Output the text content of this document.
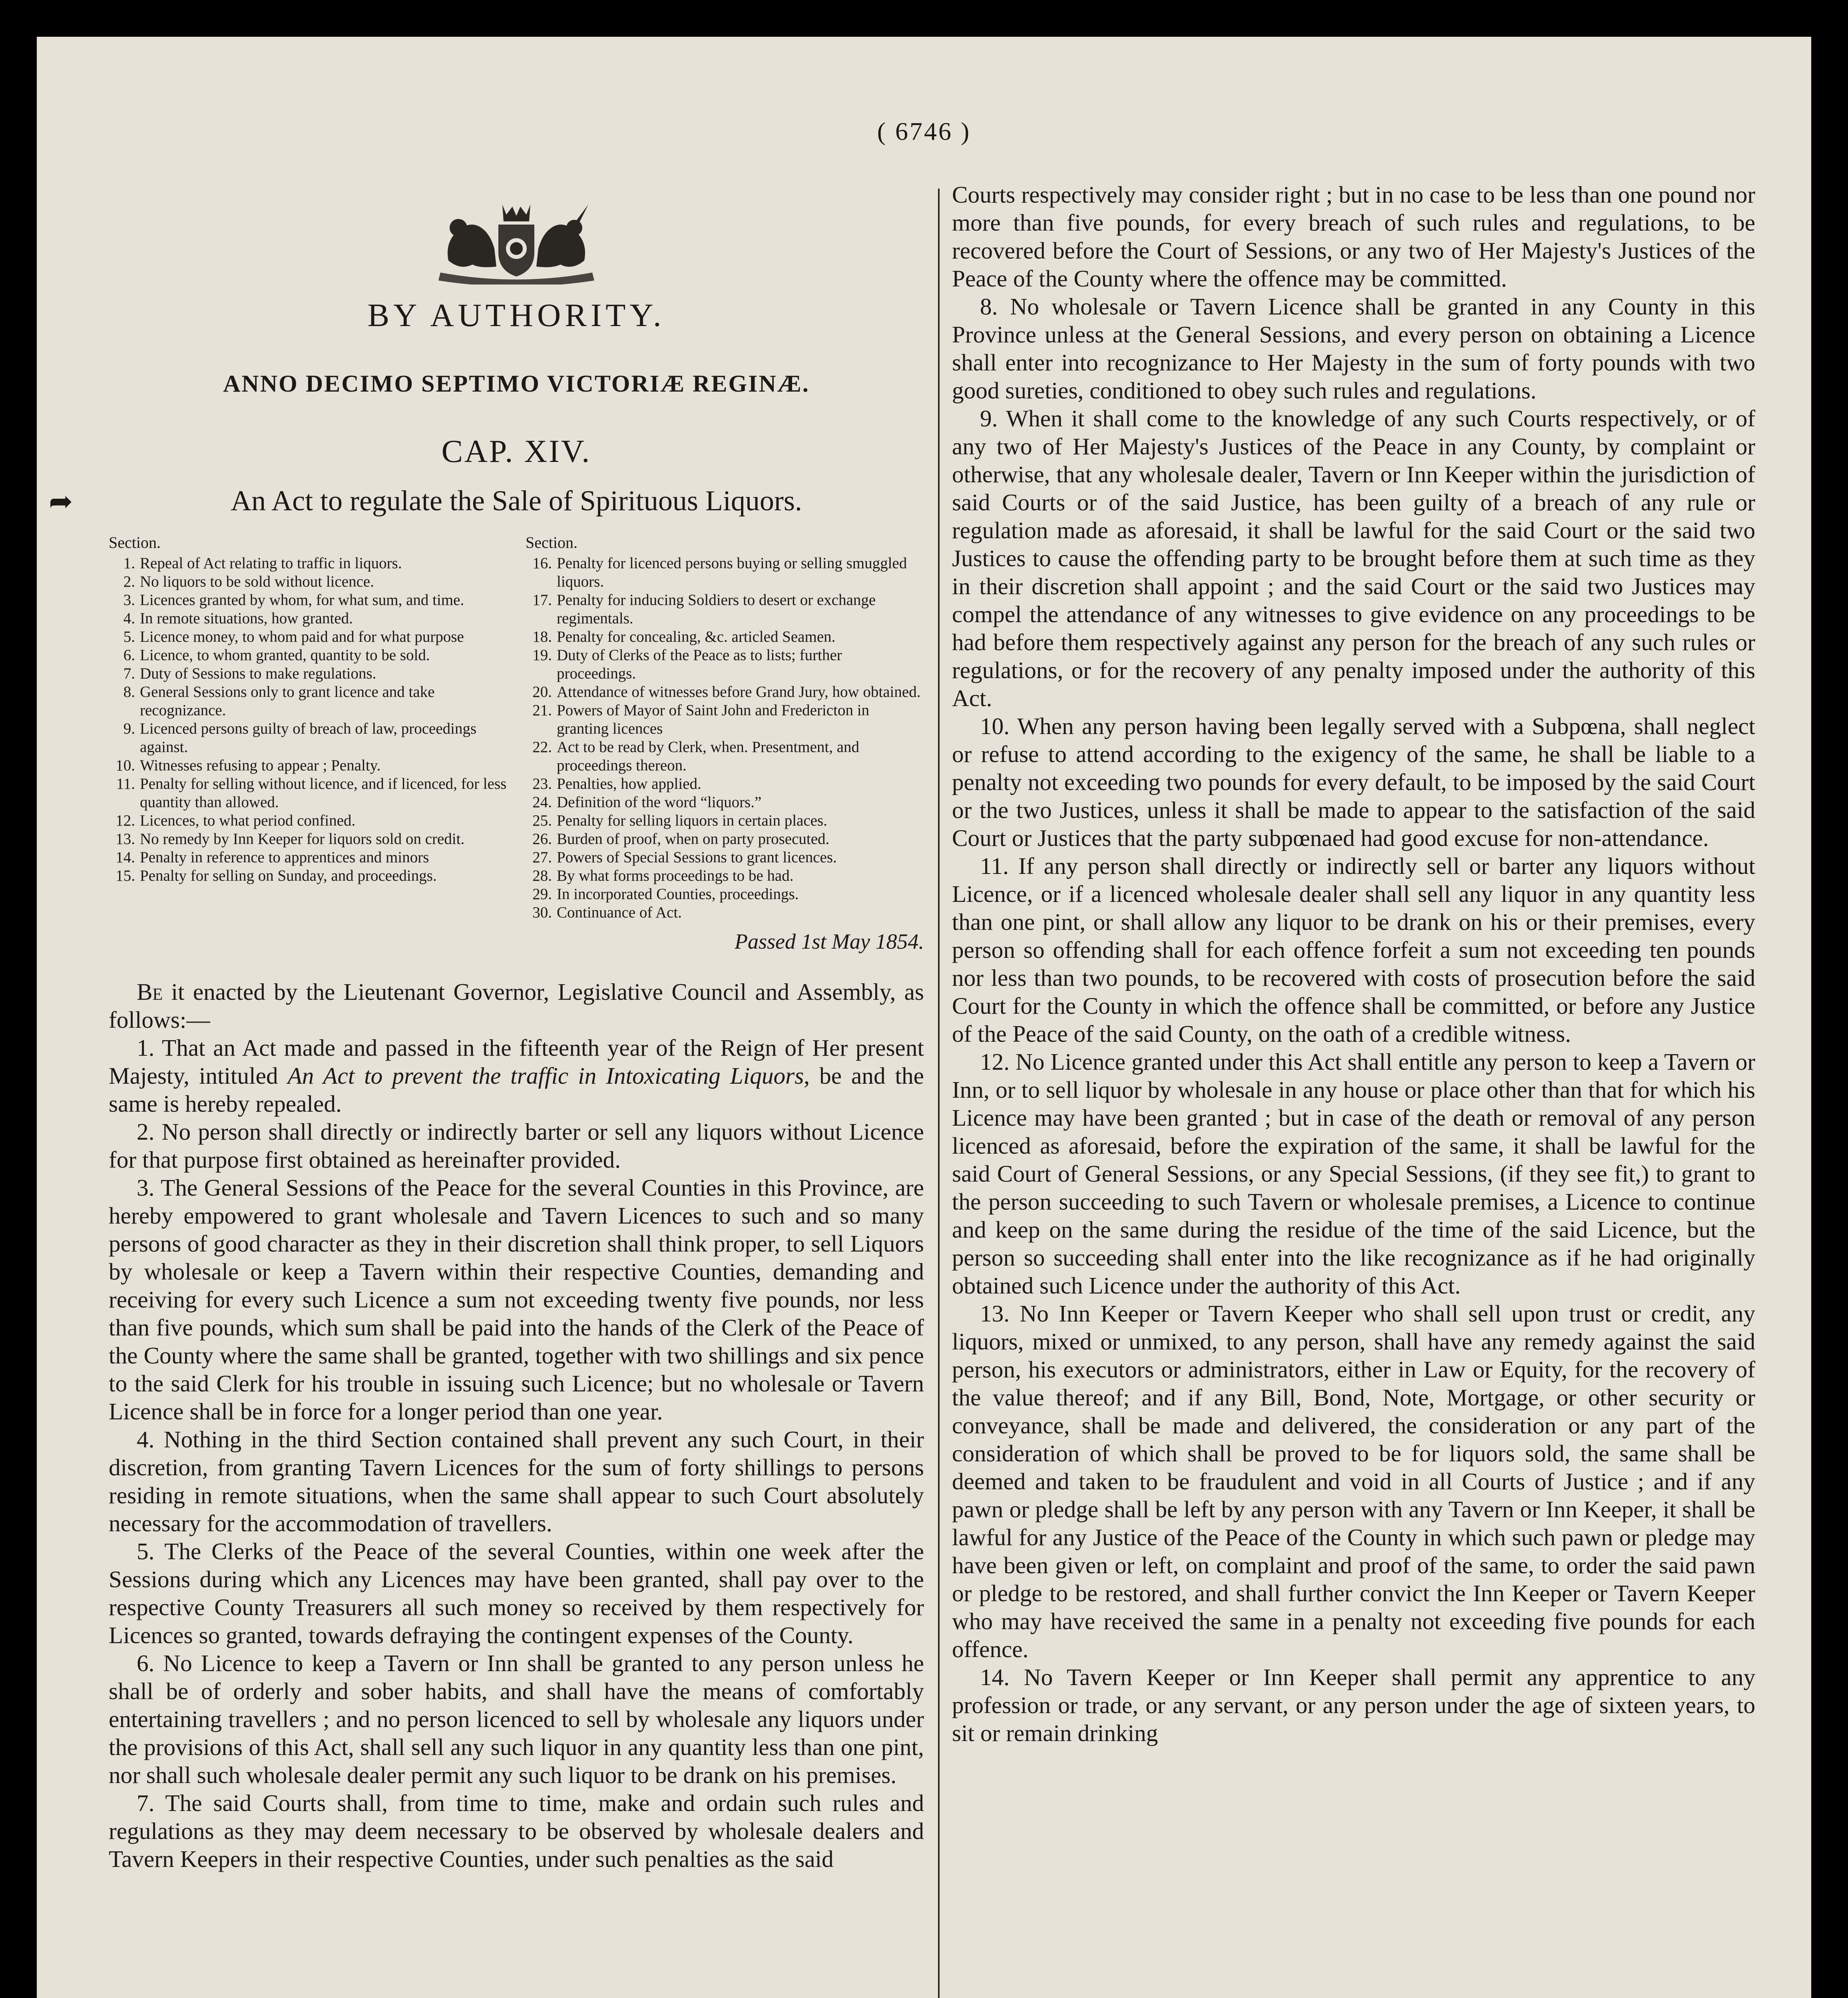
( 6746 )
BY AUTHORITY.
ANNO DECIMO SEPTIMO VICTORIÆ REGINÆ.
CAP. XIV.
➦	An Act to regulate the Sale of Spirituous Liquors.
Section.
1. Repeal of Act relating to traffic in liquors.
2. No liquors to be sold without licence.
3. Licences granted by whom, for what sum, and time.
4. In remote situations, how granted.
5. Licence money, to whom paid and for what purpose
6. Licence, to whom granted, quantity to be sold.
7. Duty of Sessions to make regulations.
8. General Sessions only to grant licence and take recognizance.
9. Licenced persons guilty of breach of law, proceedings against.
10. Witnesses refusing to appear ; Penalty.
11. Penalty for selling without licence, and if licenced, for less quantity than allowed.
12. Licences, to what period confined.
13. No remedy by Inn Keeper for liquors sold on credit.
14. Penalty in reference to apprentices and minors
15. Penalty for selling on Sunday, and proceedings.
Section.
16. Penalty for licenced persons buying or selling smuggled liquors.
17. Penalty for inducing Soldiers to desert or exchange regimentals.
18. Penalty for concealing, &c. articled Seamen.
19. Duty of Clerks of the Peace as to lists; further proceedings.
20. Attendance of witnesses before Grand Jury, how obtained.
21. Powers of Mayor of Saint John and Fredericton in granting licences
22. Act to be read by Clerk, when. Presentment, and proceedings thereon.
23. Penalties, how applied.
24. Definition of the word “liquors.”
25. Penalty for selling liquors in certain places.
26. Burden of proof, when on party prosecuted.
27. Powers of Special Sessions to grant licences.
28. By what forms proceedings to be had.
29. In incorporated Counties, proceedings.
30. Continuance of Act.
Passed 1st May 1854.

Be it enacted by the Lieutenant Governor, Legislative Council and Assembly, as follows:—

1. That an Act made and passed in the fifteenth year of the Reign of Her present Majesty, intituled An Act to prevent the traffic in Intoxicating Liquors, be and the same is hereby repealed.

2. No person shall directly or indirectly barter or sell any liquors without Licence for that purpose first obtained as hereinafter provided.

3. The General Sessions of the Peace for the several Counties in this Province, are hereby empowered to grant wholesale and Tavern Licences to such and so many persons of good character as they in their discretion shall think proper, to sell Liquors by wholesale or keep a Tavern within their respective Counties, demanding and receiving for every such Licence a sum not exceeding twenty five pounds, nor less than five pounds, which sum shall be paid into the hands of the Clerk of the Peace of the County where the same shall be granted, together with two shillings and six pence to the said Clerk for his trouble in issuing such Licence; but no wholesale or Tavern Licence shall be in force for a longer period than one year.

4. Nothing in the third Section contained shall prevent any such Court, in their discretion, from granting Tavern Licences for the sum of forty shillings to persons residing in remote situations, when the same shall appear to such Court absolutely necessary for the accommodation of travellers.

5. The Clerks of the Peace of the several Counties, within one week after the Sessions during which any Licences may have been granted, shall pay over to the respective County Treasurers all such money so received by them respectively for Licences so granted, towards defraying the contingent expenses of the County.

6. No Licence to keep a Tavern or Inn shall be granted to any person unless he shall be of orderly and sober habits, and shall have the means of comfortably entertaining travellers ; and no person licenced to sell by wholesale any liquors under the provisions of this Act, shall sell any such liquor in any quantity less than one pint, nor shall such wholesale dealer permit any such liquor to be drank on his premises.

7. The said Courts shall, from time to time, make and ordain such rules and regulations as they may deem necessary to be observed by wholesale dealers and Tavern Keepers in their respective Counties, under such penalties as the said

Courts respectively may consider right ; but in no case to be less than one pound nor more than five pounds, for every breach of such rules and regulations, to be recovered before the Court of Sessions, or any two of Her Majesty's Justices of the Peace of the County where the offence may be committed.

8. No wholesale or Tavern Licence shall be granted in any County in this Province unless at the General Sessions, and every person on obtaining a Licence shall enter into recognizance to Her Majesty in the sum of forty pounds with two good sureties, conditioned to obey such rules and regulations.

9. When it shall come to the knowledge of any such Courts respectively, or of any two of Her Majesty's Justices of the Peace in any County, by complaint or otherwise, that any wholesale dealer, Tavern or Inn Keeper within the jurisdiction of said Courts or of the said Justice, has been guilty of a breach of any rule or regulation made as aforesaid, it shall be lawful for the said Court or the said two Justices to cause the offending party to be brought before them at such time as they in their discretion shall appoint ; and the said Court or the said two Justices may compel the attendance of any witnesses to give evidence on any proceedings to be had before them respectively against any person for the breach of any such rules or regulations, or for the recovery of any penalty imposed under the authority of this Act.

10. When any person having been legally served with a Subpœna, shall neglect or refuse to attend according to the exigency of the same, he shall be liable to a penalty not exceeding two pounds for every default, to be imposed by the said Court or the two Justices, unless it shall be made to appear to the satisfaction of the said Court or Justices that the party subpœnaed had good excuse for non-attendance.

11. If any person shall directly or indirectly sell or barter any liquors without Licence, or if a licenced wholesale dealer shall sell any liquor in any quantity less than one pint, or shall allow any liquor to be drank on his or their premises, every person so offending shall for each offence forfeit a sum not exceeding ten pounds nor less than two pounds, to be recovered with costs of prosecution before the said Court for the County in which the offence shall be committed, or before any Justice of the Peace of the said County, on the oath of a credible witness.

12. No Licence granted under this Act shall entitle any person to keep a Tavern or Inn, or to sell liquor by wholesale in any house or place other than that for which his Licence may have been granted ; but in case of the death or removal of any person licenced as aforesaid, before the expiration of the same, it shall be lawful for the said Court of General Sessions, or any Special Sessions, (if they see fit,) to grant to the person succeeding to such Tavern or wholesale premises, a Licence to continue and keep on the same during the residue of the time of the said Licence, but the person so succeeding shall enter into the like recognizance as if he had originally obtained such Licence under the authority of this Act.

13. No Inn Keeper or Tavern Keeper who shall sell upon trust or credit, any liquors, mixed or unmixed, to any person, shall have any remedy against the said person, his executors or administrators, either in Law or Equity, for the recovery of the value thereof; and if any Bill, Bond, Note, Mortgage, or other security or conveyance, shall be made and delivered, the consideration or any part of the consideration of which shall be proved to be for liquors sold, the same shall be deemed and taken to be fraudulent and void in all Courts of Justice ; and if any pawn or pledge shall be left by any person with any Tavern or Inn Keeper, it shall be lawful for any Justice of the Peace of the County in which such pawn or pledge may have been given or left, on complaint and proof of the same, to order the said pawn or pledge to be restored, and shall further convict the Inn Keeper or Tavern Keeper who may have received the same in a penalty not exceeding five pounds for each offence.

14. No Tavern Keeper or Inn Keeper shall permit any apprentice to any profession or trade, or any servant, or any person under the age of sixteen years, to sit or remain drinking
